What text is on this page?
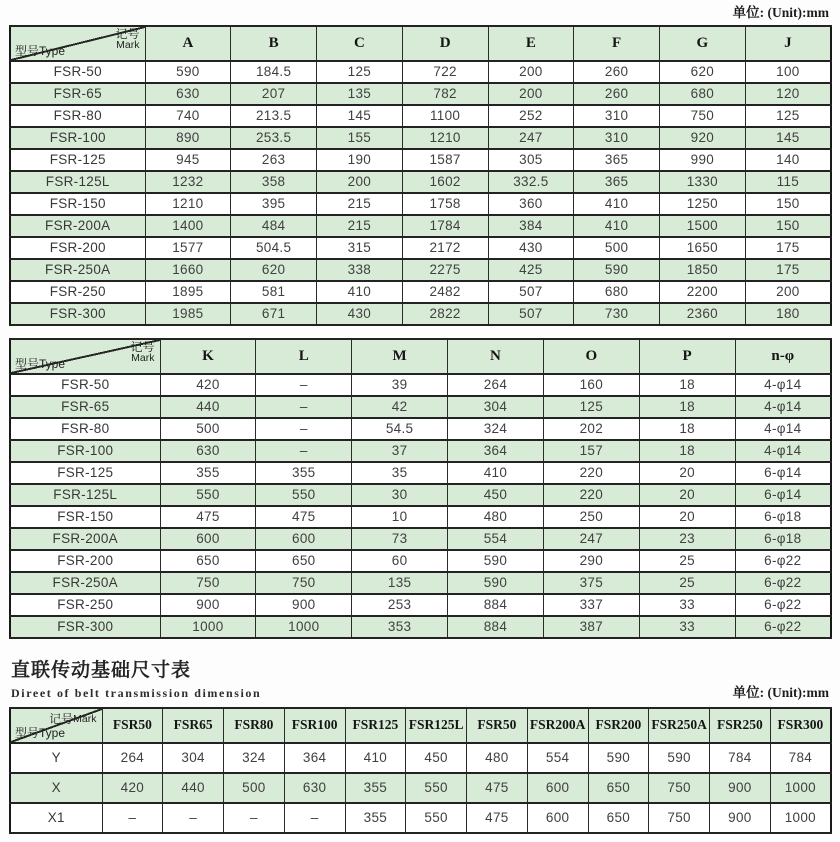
单位: (Unit):mm
记号
Mark
型号Type	A	B	C	D	E	F	G	J
FSR-50	590	184.5	125	722	200	260	620	100
FSR-65	630	207	135	782	200	260	680	120
FSR-80	740	213.5	145	1100	252	310	750	125
FSR-100	890	253.5	155	1210	247	310	920	145
FSR-125	945	263	190	1587	305	365	990	140
FSR-125L	1232	358	200	1602	332.5	365	1330	115
FSR-150	1210	395	215	1758	360	410	1250	150
FSR-200A	1400	484	215	1784	384	410	1500	150
FSR-200	1577	504.5	315	2172	430	500	1650	175
FSR-250A	1660	620	338	2275	425	590	1850	175
FSR-250	1895	581	410	2482	507	680	2200	200
FSR-300	1985	671	430	2822	507	730	2360	180
记号
Mark
型号Type	K	L	M	N	O	P	n-φ
FSR-50	420	–	39	264	160	18	4-φ14
FSR-65	440	–	42	304	125	18	4-φ14
FSR-80	500	–	54.5	324	202	18	4-φ14
FSR-100	630	–	37	364	157	18	4-φ14
FSR-125	355	355	35	410	220	20	6-φ14
FSR-125L	550	550	30	450	220	20	6-φ14
FSR-150	475	475	10	480	250	20	6-φ18
FSR-200A	600	600	73	554	247	23	6-φ18
FSR-200	650	650	60	590	290	25	6-φ22
FSR-250A	750	750	135	590	375	25	6-φ22
FSR-250	900	900	253	884	337	33	6-φ22
FSR-300	1000	1000	353	884	387	33	6-φ22
直联传动基础尺寸表
Direet of belt transmission dimension	单位: (Unit):mm
记号Mark
型号Type	FSR50	FSR65	FSR80	FSR100	FSR125	FSR125L	FSR50	FSR200A	FSR200	FSR250A	FSR250	FSR300
Y	264	304	324	364	410	450	480	554	590	590	784	784
X	420	440	500	630	355	550	475	600	650	750	900	1000
X1	–	–	–	–	355	550	475	600	650	750	900	1000
